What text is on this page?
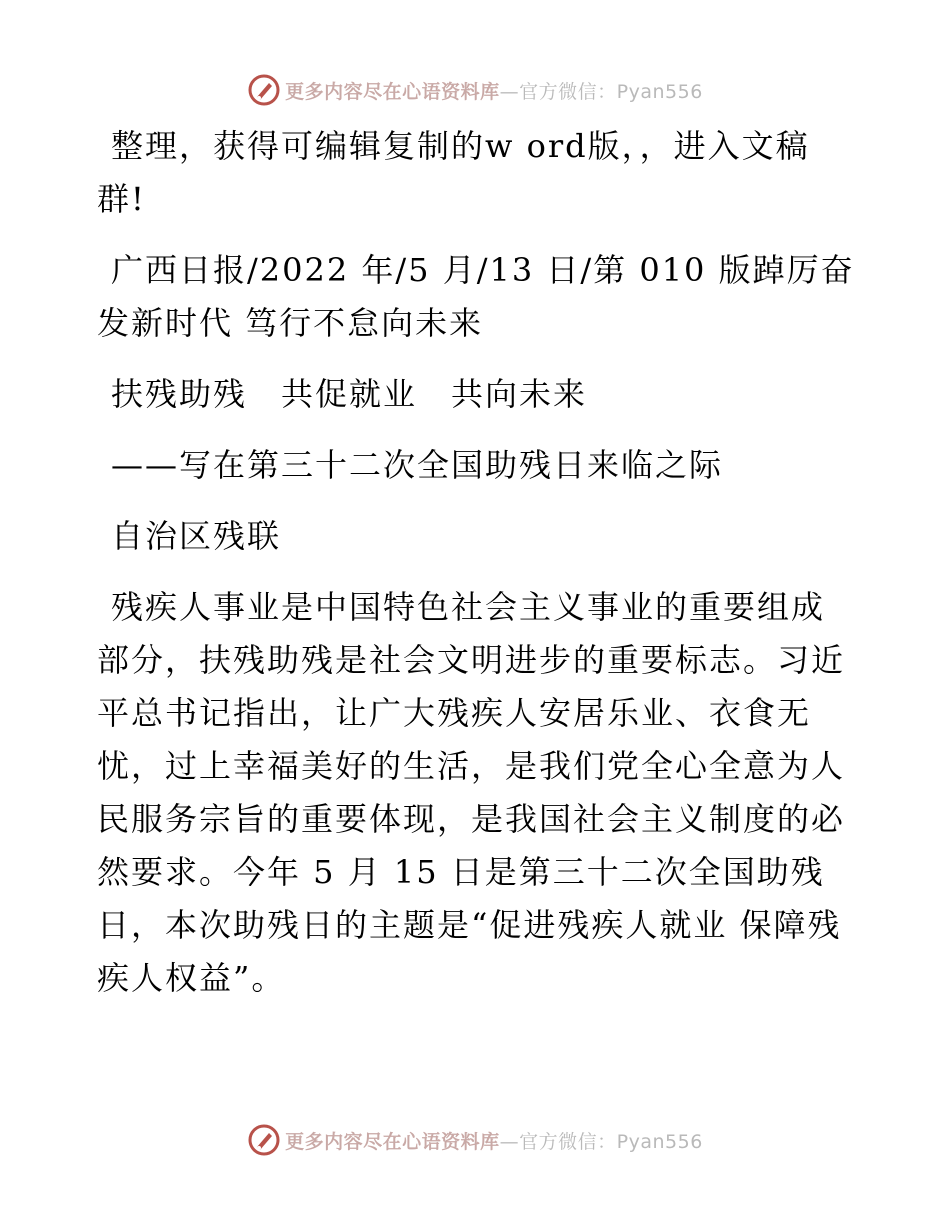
更多内容尽在心语资料库—官方微信：Pyan556

整理，获得可编辑复制的w ord版，，进入文稿群!

广西日报/2022 年/5 月/13 日/第 010 版踔厉奋发新时代 笃行不怠向未来

扶残助残　共促就业　共向未来

——写在第三十二次全国助残日来临之际

自治区残联

残疾人事业是中国特色社会主义事业的重要组成部分，扶残助残是社会文明进步的重要标志。习近平总书记指出，让广大残疾人安居乐业、衣食无忧，过上幸福美好的生活，是我们党全心全意为人民服务宗旨的重要体现，是我国社会主义制度的必然要求。今年 5 月 15 日是第三十二次全国助残日，本次助残日的主题是“促进残疾人就业 保障残疾人权益”。

更多内容尽在心语资料库—官方微信：Pyan556
